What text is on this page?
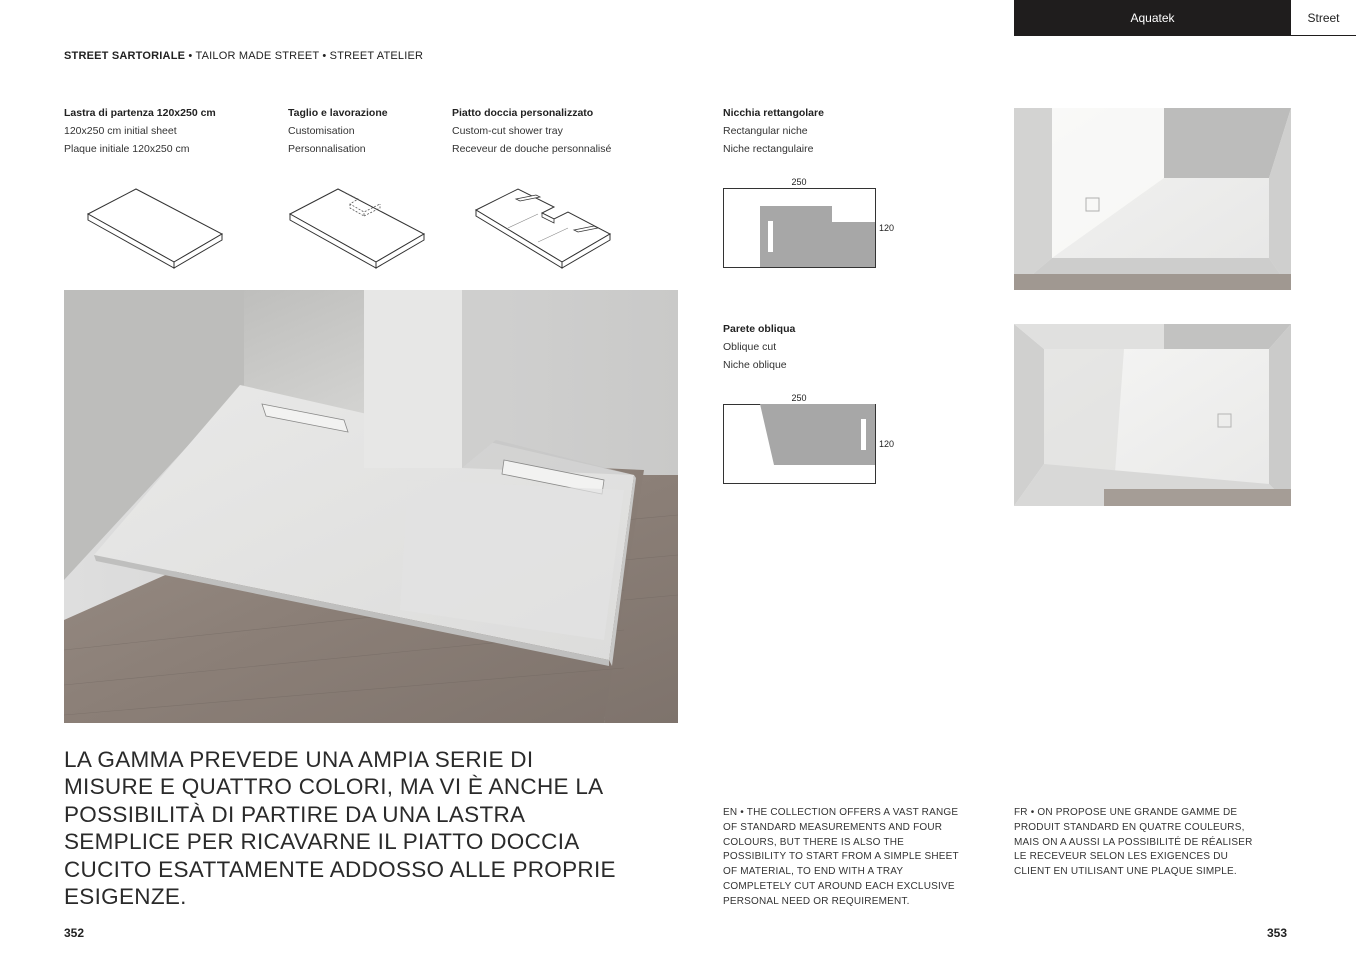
Aquatek	Street
STREET SARTORIALE • TAILOR MADE STREET • STREET ATELIER
Lastra di partenza 120x250 cm
120x250 cm initial sheet
Plaque initiale 120x250 cm
Taglio e lavorazione
Customisation
Personnalisation
Piatto doccia personalizzato
Custom-cut shower tray
Receveur de douche personnalisé
Nicchia rettangolare
Rectangular niche
Niche rectangulaire
Parete obliqua
Oblique cut
Niche oblique
250
120
250
120
LA GAMMA PREVEDE UNA AMPIA SERIE DI MISURE E QUATTRO COLORI, MA VI È ANCHE LA POSSIBILITÀ DI PARTIRE DA UNA LASTRA SEMPLICE PER RICAVARNE IL PIATTO DOCCIA CUCITO ESATTAMENTE ADDOSSO ALLE PROPRIE ESIGENZE.
EN • THE COLLECTION OFFERS A VAST RANGE OF STANDARD MEASUREMENTS AND FOUR COLOURS, BUT THERE IS ALSO THE POSSIBILITY TO START FROM A SIMPLE SHEET OF MATERIAL, TO END WITH A TRAY COMPLETELY CUT AROUND EACH EXCLUSIVE PERSONAL NEED OR REQUIREMENT.
FR • ON PROPOSE UNE GRANDE GAMME DE PRODUIT STANDARD EN QUATRE COULEURS, MAIS ON A AUSSI LA POSSIBILITÉ DE RÉALISER LE RECEVEUR SELON LES EXIGENCES DU CLIENT EN UTILISANT UNE PLAQUE SIMPLE.
352	353
